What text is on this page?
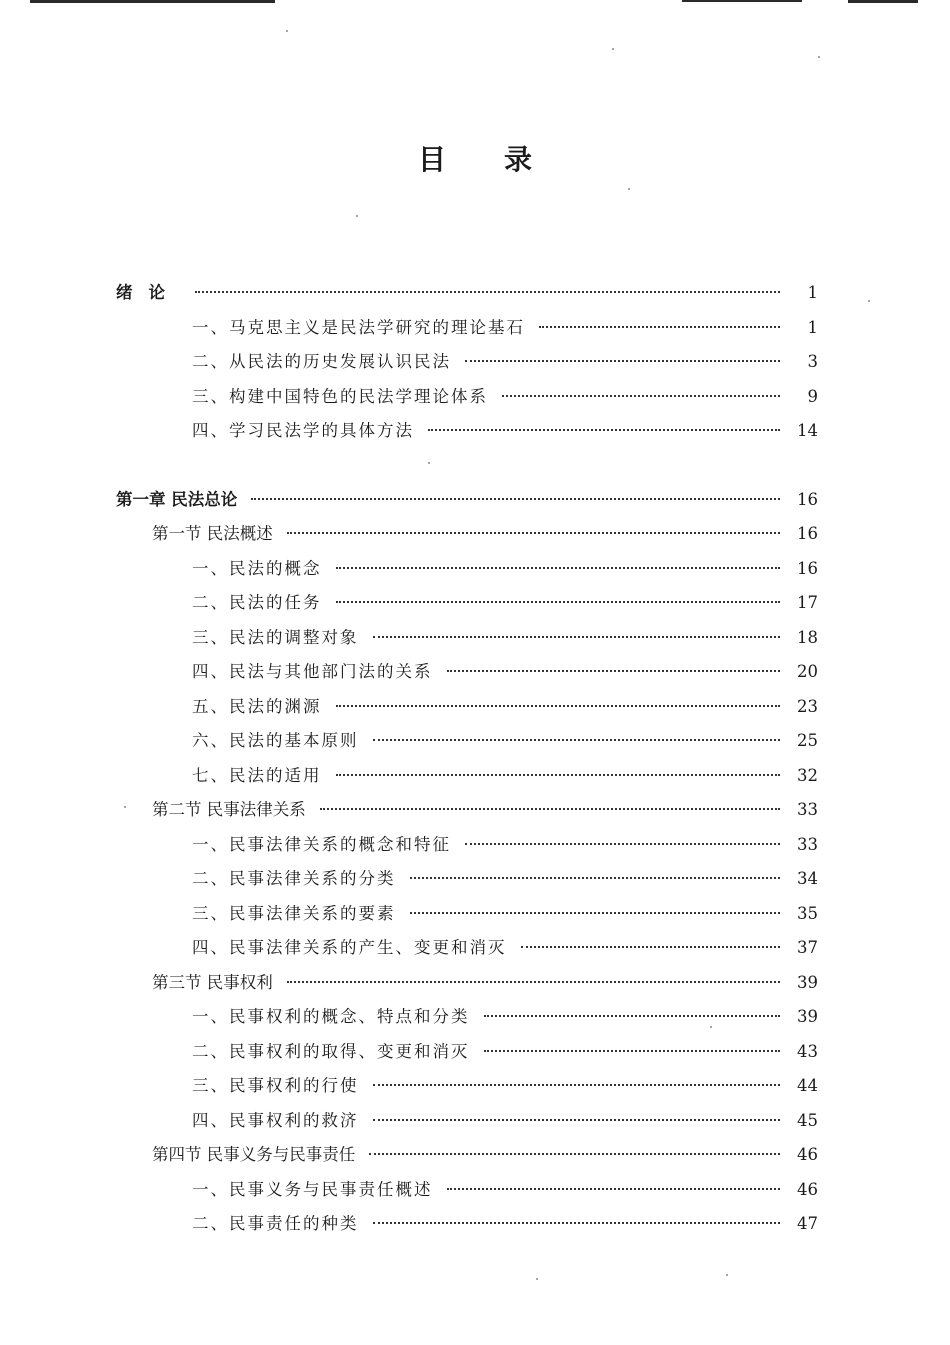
目录
绪论	1
一、马克思主义是民法学研究的理论基石	1
二、从民法的历史发展认识民法	3
三、构建中国特色的民法学理论体系	9
四、学习民法学的具体方法	14
第一章 民法总论	16
第一节 民法概述	16
一、民法的概念	16
二、民法的任务	17
三、民法的调整对象	18
四、民法与其他部门法的关系	20
五、民法的渊源	23
六、民法的基本原则	25
七、民法的适用	32
第二节 民事法律关系	33
一、民事法律关系的概念和特征	33
二、民事法律关系的分类	34
三、民事法律关系的要素	35
四、民事法律关系的产生、变更和消灭	37
第三节 民事权利	39
一、民事权利的概念、特点和分类	39
二、民事权利的取得、变更和消灭	43
三、民事权利的行使	44
四、民事权利的救济	45
第四节 民事义务与民事责任	46
一、民事义务与民事责任概述	46
二、民事责任的种类	47
